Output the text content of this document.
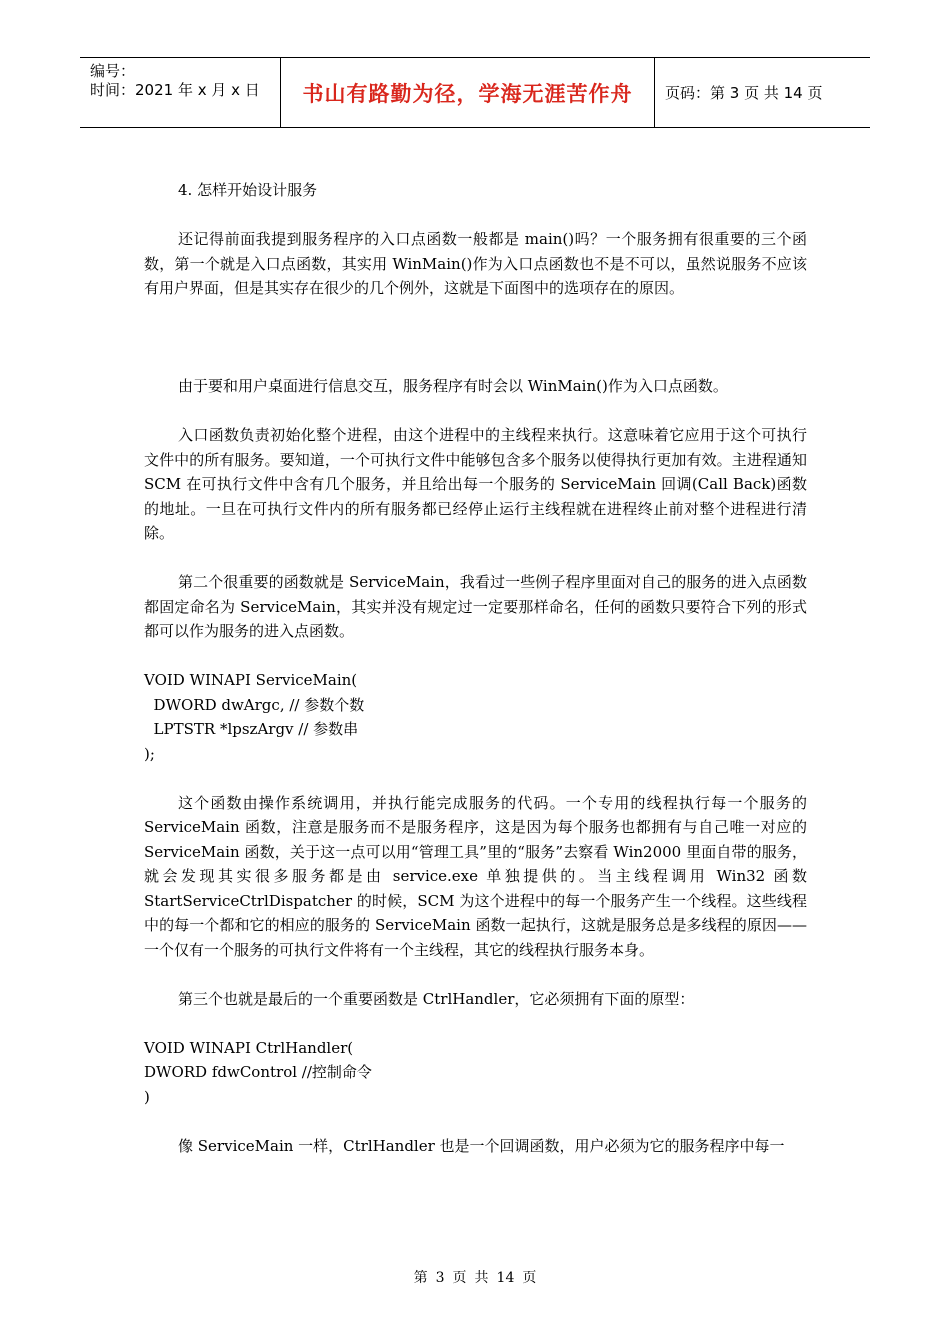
编号：
时间：2021 年 x 月 x 日 书山有路勤为径，学海无涯苦作舟	页码：第 3 页 共 14 页

4. 怎样开始设计服务

还记得前面我提到服务程序的入口点函数一般都是 main()吗？一个服务拥有很重要的三个函数，第一个就是入口点函数，其实用 WinMain()作为入口点函数也不是不可以，虽然说服务不应该有用户界面，但是其实存在很少的几个例外，这就是下面图中的选项存在的原因。

由于要和用户桌面进行信息交互，服务程序有时会以 WinMain()作为入口点函数。

入口函数负责初始化整个进程，由这个进程中的主线程来执行。这意味着它应用于这个可执行文件中的所有服务。要知道，一个可执行文件中能够包含多个服务以使得执行更加有效。主进程通知 SCM 在可执行文件中含有几个服务，并且给出每一个服务的 ServiceMain 回调(Call Back)函数的地址。一旦在可执行文件内的所有服务都已经停止运行主线程就在进程终止前对整个进程进行清除。

第二个很重要的函数就是 ServiceMain，我看过一些例子程序里面对自己的服务的进入点函数都固定命名为 ServiceMain，其实并没有规定过一定要那样命名，任何的函数只要符合下列的形式都可以作为服务的进入点函数。

VOID WINAPI ServiceMain(

DWORD dwArgc, // 参数个数

LPTSTR *lpszArgv // 参数串

);

这个函数由操作系统调用，并执行能完成服务的代码。一个专用的线程执行每一个服务的 ServiceMain 函数，注意是服务而不是服务程序，这是因为每个服务也都拥有与自己唯一对应的 ServiceMain 函数，关于这一点可以用“管理工具”里的“服务”去察看 Win2000 里面自带的服务，就会发现其实很多服务都是由 service.exe 单独提供的。当主线程调用 Win32 函数 StartServiceCtrlDispatcher 的时候，SCM 为这个进程中的每一个服务产生一个线程。这些线程中的每一个都和它的相应的服务的 ServiceMain 函数一起执行，这就是服务总是多线程的原因——一个仅有一个服务的可执行文件将有一个主线程，其它的线程执行服务本身。

第三个也就是最后的一个重要函数是 CtrlHandler，它必须拥有下面的原型：

VOID WINAPI CtrlHandler(

DWORD fdwControl //控制命令

)

像 ServiceMain 一样，CtrlHandler 也是一个回调函数，用户必须为它的服务程序中每一

第 3 页 共 14 页
